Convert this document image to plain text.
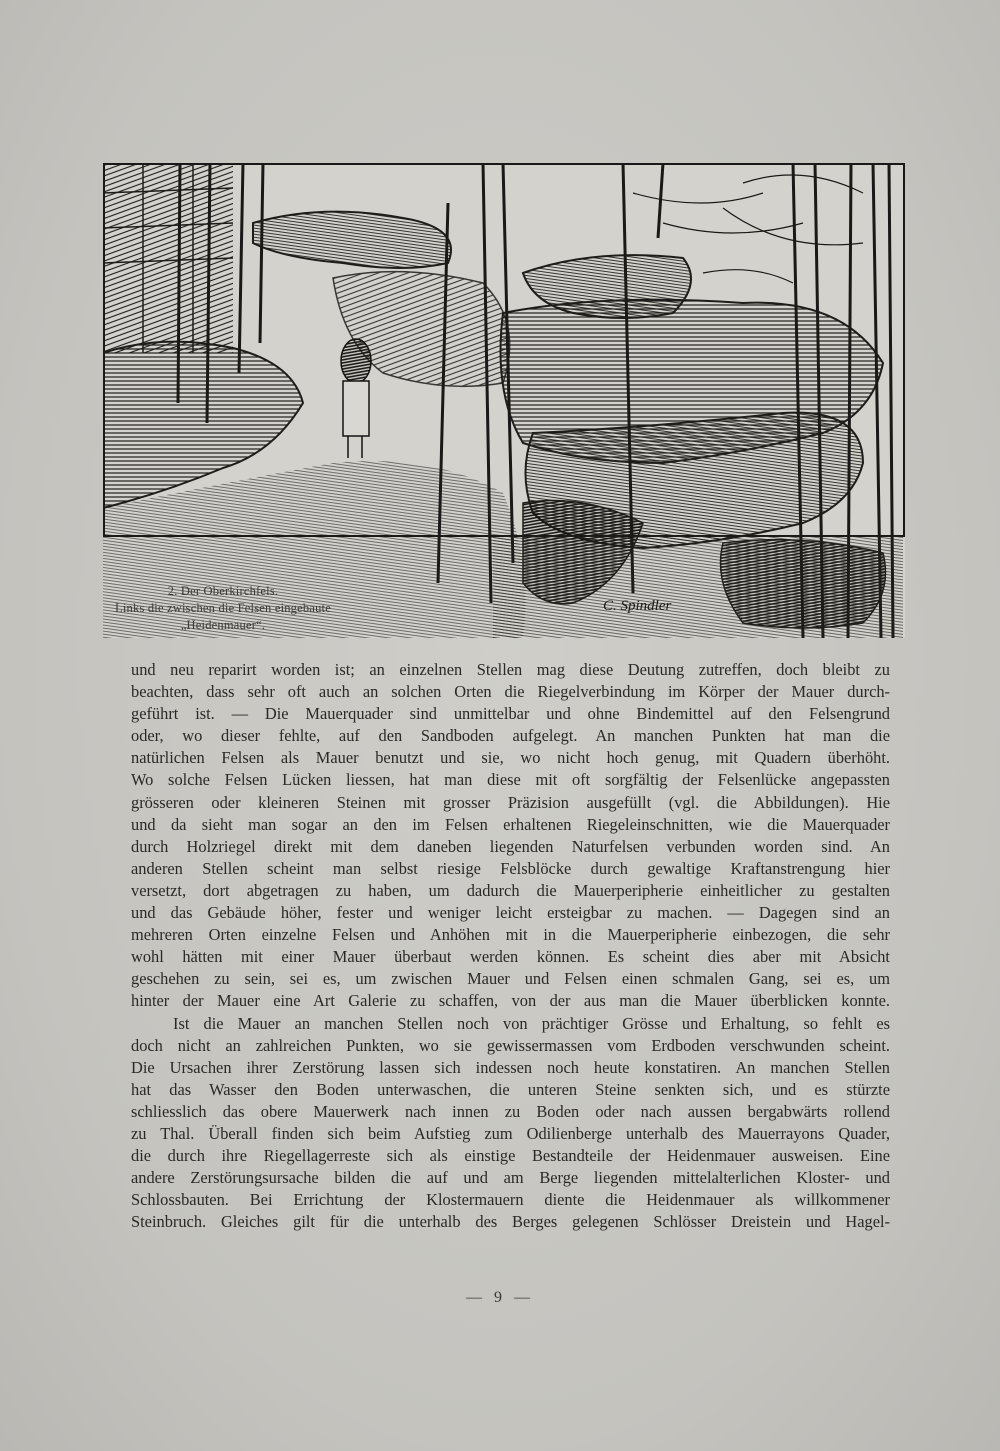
C. Spindler
2. Der Oberkirchfels.
Links die zwischen die Felsen eingebaute
„Heidenmauer“.
und neu reparirt worden ist; an einzelnen Stellen mag diese Deutung zutreffen, doch bleibt zu
beachten, dass sehr oft auch an solchen Orten die Riegelverbindung im Körper der Mauer durch-
geführt ist. — Die Mauerquader sind unmittelbar und ohne Bindemittel auf den Felsengrund
oder, wo dieser fehlte, auf den Sandboden aufgelegt. An manchen Punkten hat man die
natürlichen Felsen als Mauer benutzt und sie, wo nicht hoch genug, mit Quadern überhöht.
Wo solche Felsen Lücken liessen, hat man diese mit oft sorgfältig der Felsenlücke angepassten
grösseren oder kleineren Steinen mit grosser Präzision ausgefüllt (vgl. die Abbildungen). Hie
und da sieht man sogar an den im Felsen erhaltenen Riegeleinschnitten, wie die Mauerquader
durch Holzriegel direkt mit dem daneben liegenden Naturfelsen verbunden worden sind. An
anderen Stellen scheint man selbst riesige Felsblöcke durch gewaltige Kraftanstrengung hier
versetzt, dort abgetragen zu haben, um dadurch die Mauerperipherie einheitlicher zu gestalten
und das Gebäude höher, fester und weniger leicht ersteigbar zu machen. — Dagegen sind an
mehreren Orten einzelne Felsen und Anhöhen mit in die Mauerperipherie einbezogen, die sehr
wohl hätten mit einer Mauer überbaut werden können. Es scheint dies aber mit Absicht
geschehen zu sein, sei es, um zwischen Mauer und Felsen einen schmalen Gang, sei es, um
hinter der Mauer eine Art Galerie zu schaffen, von der aus man die Mauer überblicken konnte.
Ist die Mauer an manchen Stellen noch von prächtiger Grösse und Erhaltung, so fehlt es
doch nicht an zahlreichen Punkten, wo sie gewissermassen vom Erdboden verschwunden scheint.
Die Ursachen ihrer Zerstörung lassen sich indessen noch heute konstatiren. An manchen Stellen
hat das Wasser den Boden unterwaschen, die unteren Steine senkten sich, und es stürzte
schliesslich das obere Mauerwerk nach innen zu Boden oder nach aussen bergabwärts rollend
zu Thal. Überall finden sich beim Aufstieg zum Odilienberge unterhalb des Mauerrayons Quader,
die durch ihre Riegellagerreste sich als einstige Bestandteile der Heidenmauer ausweisen. Eine
andere Zerstörungsursache bilden die auf und am Berge liegenden mittelalterlichen Kloster- und
Schlossbauten. Bei Errichtung der Klostermauern diente die Heidenmauer als willkommener
Steinbruch. Gleiches gilt für die unterhalb des Berges gelegenen Schlösser Dreistein und Hagel-
— 9 —
